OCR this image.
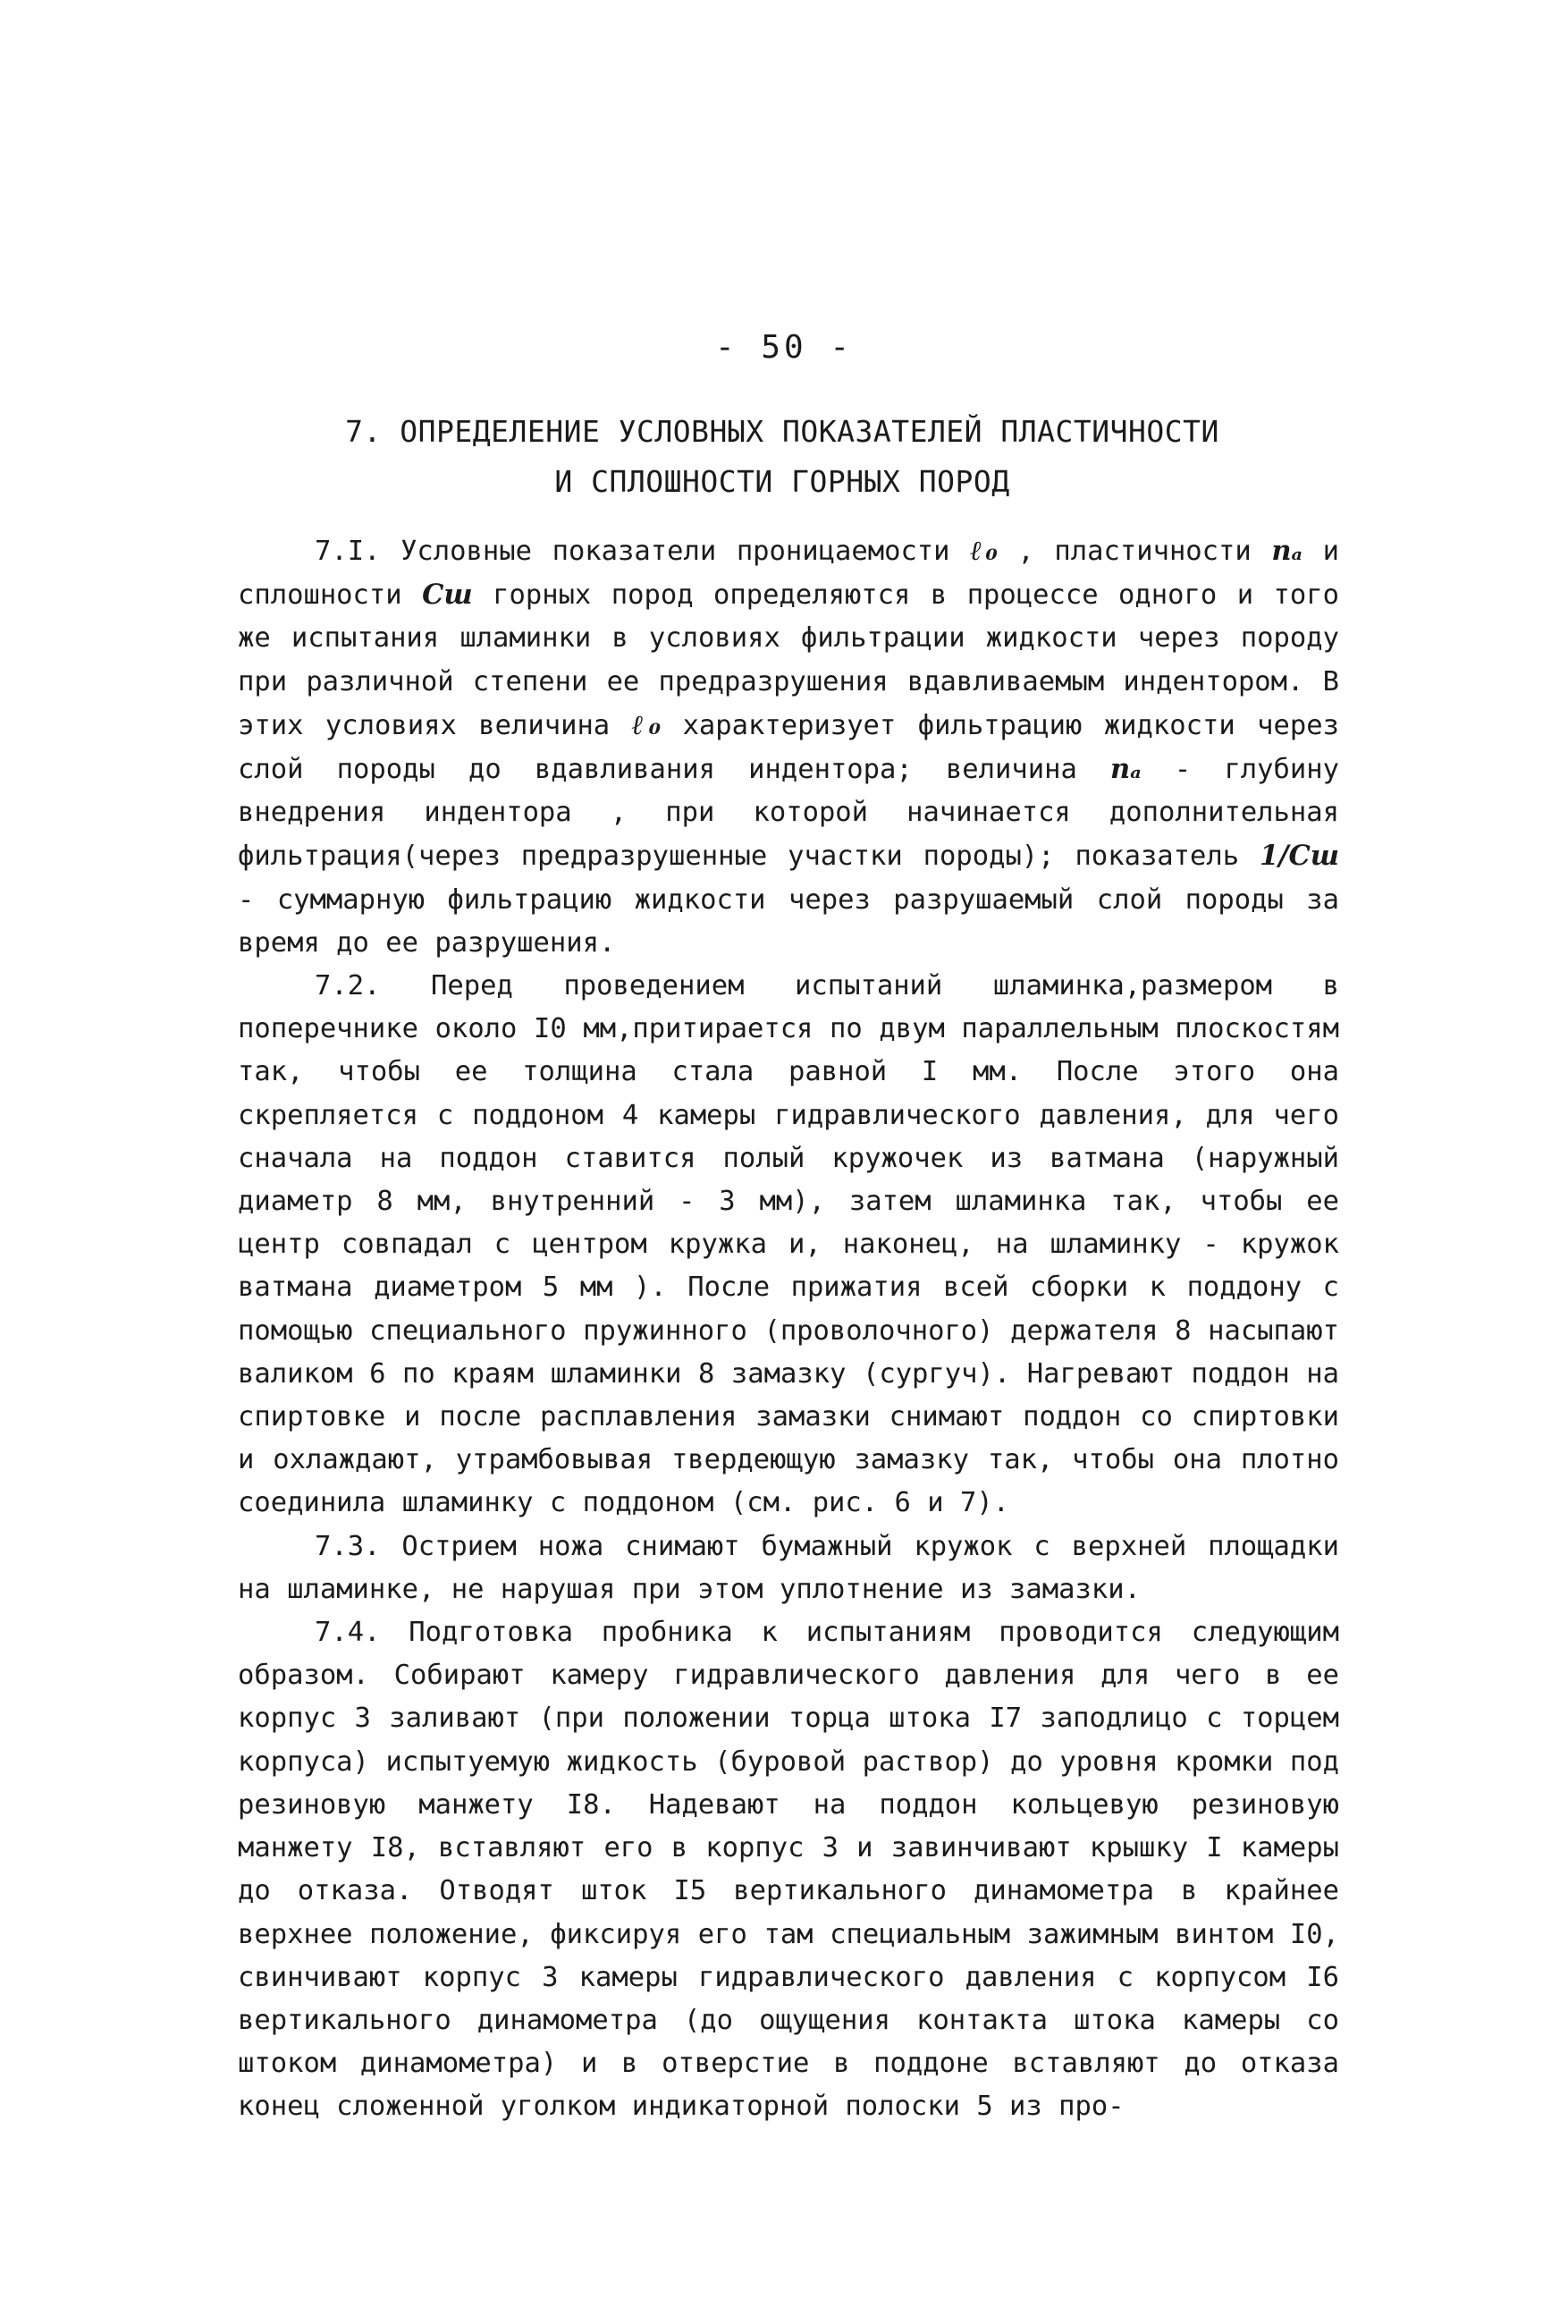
- 50 -
7. ОПРЕДЕЛЕНИЕ УСЛОВНЫХ ПОКАЗАТЕЛЕЙ ПЛАСТИЧНОСТИ
И СПЛОШНОСТИ ГОРНЫХ ПОРОД

7.I. Условные показатели проницаемости ℓ₀ , пластичности nₐ и сплошности Cш горных пород определяются в процессе одного и того же испытания шламинки в условиях фильтрации жидкости через породу при различной степени ее предразрушения вдавливаемым индентором. В этих условиях величина ℓ₀ характеризует фильтрацию жидкости через слой породы до вдавливания индентора; величина nₐ - глубину внедрения индентора , при которой начинается дополнительная фильтрация(через предразрушенные участки породы); показатель 1/Cш - суммарную фильтрацию жидкости через разрушаемый слой породы за время до ее разрушения.

7.2. Перед проведением испытаний шламинка,размером в поперечнике около I0 мм,притирается по двум параллельным плоскостям так, чтобы ее толщина стала равной I мм. После этого она скрепляется с поддоном 4 камеры гидравлического давления, для чего сначала на поддон ставится полый кружочек из ватмана (наружный диаметр 8 мм, внутренний - 3 мм), затем шламинка так, чтобы ее центр совпадал с центром кружка и, наконец, на шламинку - кружок ватмана диаметром 5 мм ). После прижатия всей сборки к поддону с помощью специального пружинного (проволочного) держателя 8 насыпают валиком 6 по краям шламинки 8 замазку (сургуч). Нагревают поддон на спиртовке и после расплавления замазки снимают поддон со спиртовки и охлаждают, утрамбовывая твердеющую замазку так, чтобы она плотно соединила шламинку с поддоном (см. рис. 6 и 7).

7.3. Острием ножа снимают бумажный кружок с верхней площадки на шламинке, не нарушая при этом уплотнение из замазки.

7.4. Подготовка пробника к испытаниям проводится следующим образом. Собирают камеру гидравлического давления для чего в ее корпус 3 заливают (при положении торца штока I7 заподлицо с торцем корпуса) испытуемую жидкость (буровой раствор) до уровня кромки под резиновую манжету I8. Надевают на поддон кольцевую резиновую манжету I8, вставляют его в корпус 3 и завинчивают крышку I камеры до отказа. Отводят шток I5 вертикального динамометра в крайнее верхнее положение, фиксируя его там специальным зажимным винтом I0, свинчивают корпус 3 камеры гидравлического давления с корпусом I6 вертикального динамометра (до ощущения контакта штока камеры со штоком динамометра) и в отверстие в поддоне вставляют до отказа конец сложенной уголком индикаторной полоски 5 из про-
